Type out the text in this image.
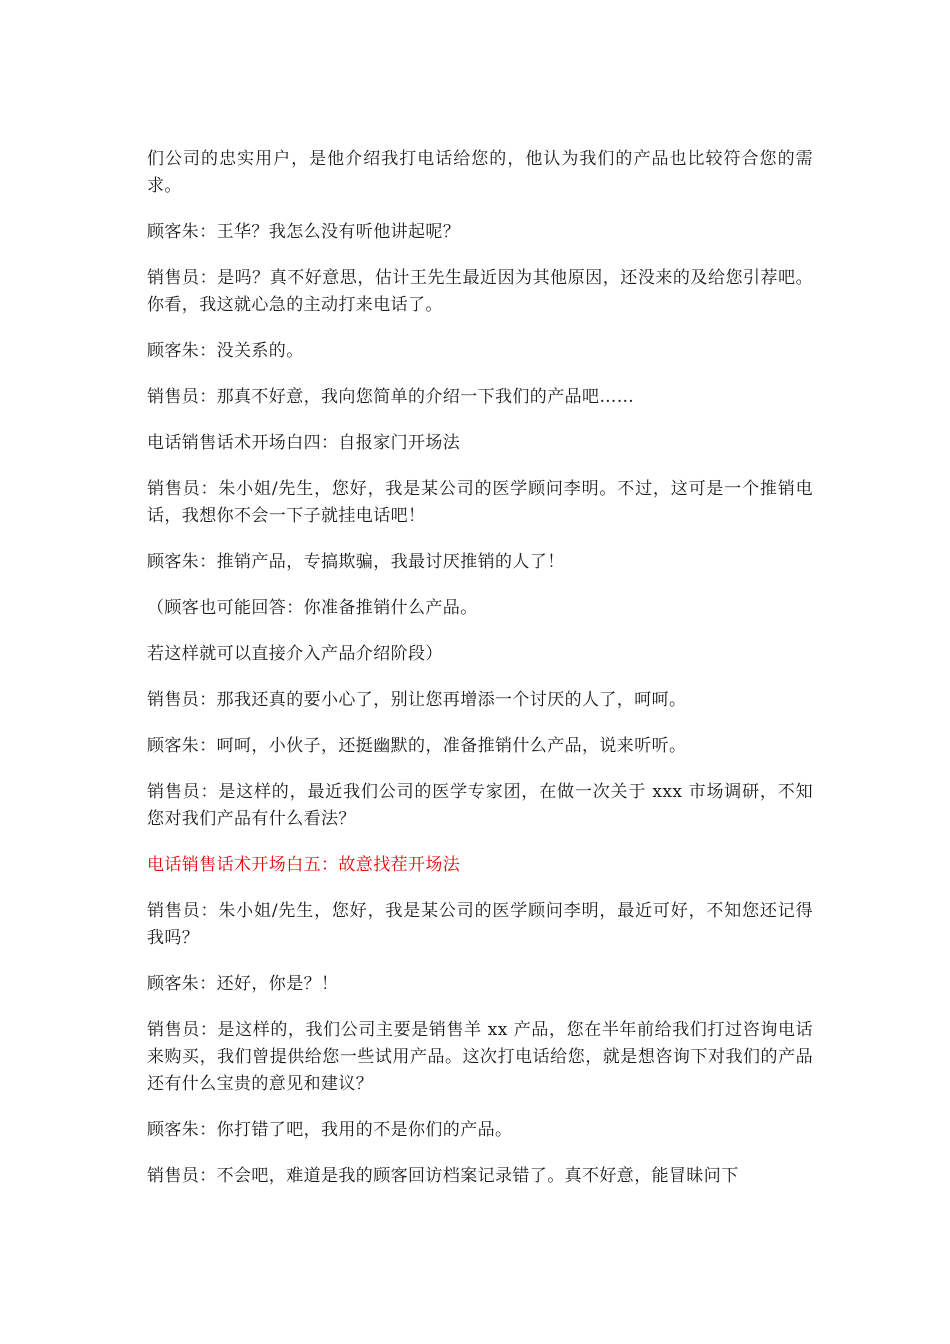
们公司的忠实用户，是他介绍我打电话给您的，他认为我们的产品也比较符合您的需求。

顾客朱：王华？我怎么没有听他讲起呢？

销售员：是吗？真不好意思，估计王先生最近因为其他原因，还没来的及给您引荐吧。你看，我这就心急的主动打来电话了。

顾客朱：没关系的。

销售员：那真不好意，我向您简单的介绍一下我们的产品吧……

电话销售话术开场白四：自报家门开场法

销售员：朱小姐/先生，您好，我是某公司的医学顾问李明。不过，这可是一个推销电话，我想你不会一下子就挂电话吧！

顾客朱：推销产品，专搞欺骗，我最讨厌推销的人了！

（顾客也可能回答：你准备推销什么产品。

若这样就可以直接介入产品介绍阶段）

销售员：那我还真的要小心了，别让您再增添一个讨厌的人了，呵呵。

顾客朱：呵呵，小伙子，还挺幽默的，准备推销什么产品，说来听听。

销售员：是这样的，最近我们公司的医学专家团，在做一次关于 xxx 市场调研，不知您对我们产品有什么看法？

电话销售话术开场白五：故意找茬开场法

销售员：朱小姐/先生，您好，我是某公司的医学顾问李明，最近可好，不知您还记得我吗？

顾客朱：还好，你是？！

销售员：是这样的，我们公司主要是销售羊 xx 产品，您在半年前给我们打过咨询电话来购买，我们曾提供给您一些试用产品。这次打电话给您，就是想咨询下对我们的产品还有什么宝贵的意见和建议？

顾客朱：你打错了吧，我用的不是你们的产品。

销售员：不会吧，难道是我的顾客回访档案记录错了。真不好意，能冒昧问下
